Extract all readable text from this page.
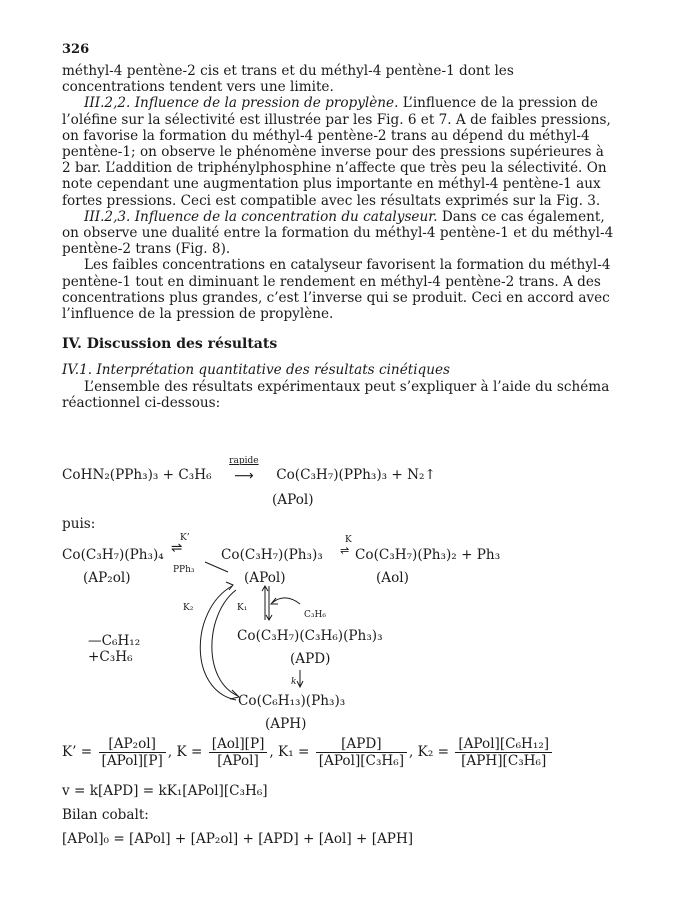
326

méthyl-4 pentène-2 cis et trans et du méthyl-4 pentène-1 dont les concentrations tendent vers une limite.

III.2,2. Influence de la pression de propylène. L’influence de la pression de l’oléfine sur la sélectivité est illustrée par les Fig. 6 et 7. A de faibles pressions, on favorise la formation du méthyl-4 pentène-2 trans au dépend du méthyl-4 pentène-1; on observe le phénomène inverse pour des pressions supérieures à 2 bar. L’addition de triphénylphosphine n’affecte que très peu la sélectivité. On note cependant une augmentation plus importante en méthyl-4 pentène-1 aux fortes pressions. Ceci est compatible avec les résultats exprimés sur la Fig. 3.

III.2,3. Influence de la concentration du catalyseur. Dans ce cas également, on observe une dualité entre la formation du méthyl-4 pentène-1 et du méthyl-4 pentène-2 trans (Fig. 8).

Les faibles concentrations en catalyseur favorisent la formation du méthyl-4 pentène-1 tout en diminuant le rendement en méthyl-4 pentène-2 trans. A des concentrations plus grandes, c’est l’inverse qui se produit. Ceci en accord avec l’influence de la pression de propylène.

IV. Discussion des résultats

IV.1. Interprétation quantitative des résultats cinétiques

L’ensemble des résultats expérimentaux peut s’expliquer à l’aide du schéma réactionnel ci-dessous:

CoHN₂(PPh₃)₃ + C₃H₆
rapide
⟶ Co(C₃H₇)(PPh₃)₃ + N₂↑
(APol)
puis:
K’
Co(C₃H₇)(Ph₃)₄ ⇌
PPh₃
Co(C₃H₇)(Ph₃)₃
K
⇌ Co(C₃H₇)(Ph₃)₂ + Ph₃
(AP₂ol)	(APol)	(Aol)
K₂	K₁
C₃H₆
—C₆H₁₂
+C₃H₆
Co(C₃H₇)(C₃H₆)(Ph₃)₃
(APD)
k
Co(C₆H₁₃)(Ph₃)₃
(APH)
K’ = $\frac{\text{[AP₂ol]}}{\text{[APol][P]}}$ , $K = \frac{\text{[Aol][P]}}{\text{[APol]}}$ , $K_1 = \frac{\text{[APD]}}{\text{[APol][C₃H₆]}}$ , $K_2 = \frac{\text{[APol][C₆H₁₂]}}{\text{[APH][C₃H₆]}}$
v = k[APD] = kK₁[APol][C₃H₆]
Bilan cobalt:
[APol]₀ = [APol] + [AP₂ol] + [APD] + [Aol] + [APH]
